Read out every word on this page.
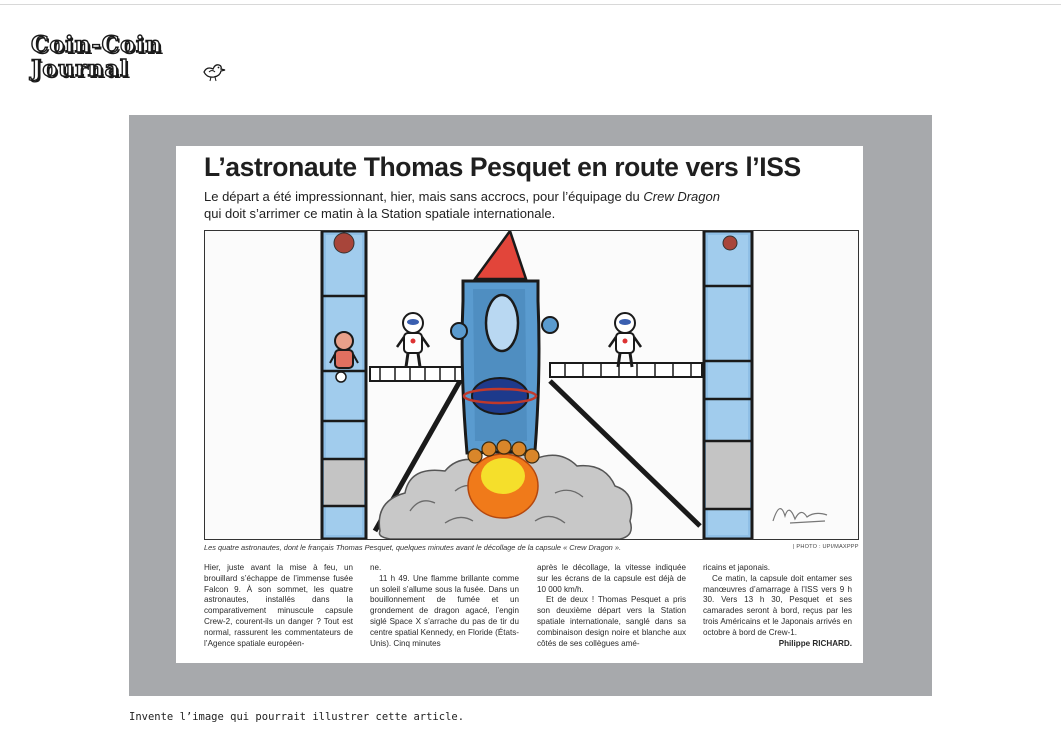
Coin-Coin
Journal
L’astronaute Thomas Pesquet en route vers l’ISS
Le départ a été impressionnant, hier, mais sans accrocs, pour l’équipage du Crew Dragon
qui doit s’arrimer ce matin à la Station spatiale internationale.
Les quatre astronautes, dont le français Thomas Pesquet, quelques minutes avant le décollage de la capsule « Crew Dragon ».	| PHOTO : UPI/MAXPPP

Hier, juste avant la mise à feu, un brouillard s’échappe de l’immense fusée Falcon 9. À son sommet, les quatre astronautes, installés dans la comparativement minuscule capsule Crew-2, courent-ils un danger ? Tout est normal, rassurent les commentateurs de l’Agence spatiale européen-

ne.

11 h 49. Une flamme brillante comme un soleil s’allume sous la fusée. Dans un bouillonnement de fumée et un grondement de dragon agacé, l’engin siglé Space X s’arrache du pas de tir du centre spatial Kennedy, en Floride (États-Unis). Cinq minutes

après le décollage, la vitesse indiquée sur les écrans de la capsule est déjà de 10 000 km/h.

Et de deux ! Thomas Pesquet a pris son deuxième départ vers la Station spatiale internationale, sanglé dans sa combinaison design noire et blanche aux côtés de ses collègues amé-

ricains et japonais.

Ce matin, la capsule doit entamer ses manœuvres d’amarrage à l’ISS vers 9 h 30. Vers 13 h 30, Pesquet et ses camarades seront à bord, reçus par les trois Américains et le Japonais arrivés en octobre à bord de Crew-1.

Philippe RICHARD.

Invente l’image qui pourrait illustrer cette article.
